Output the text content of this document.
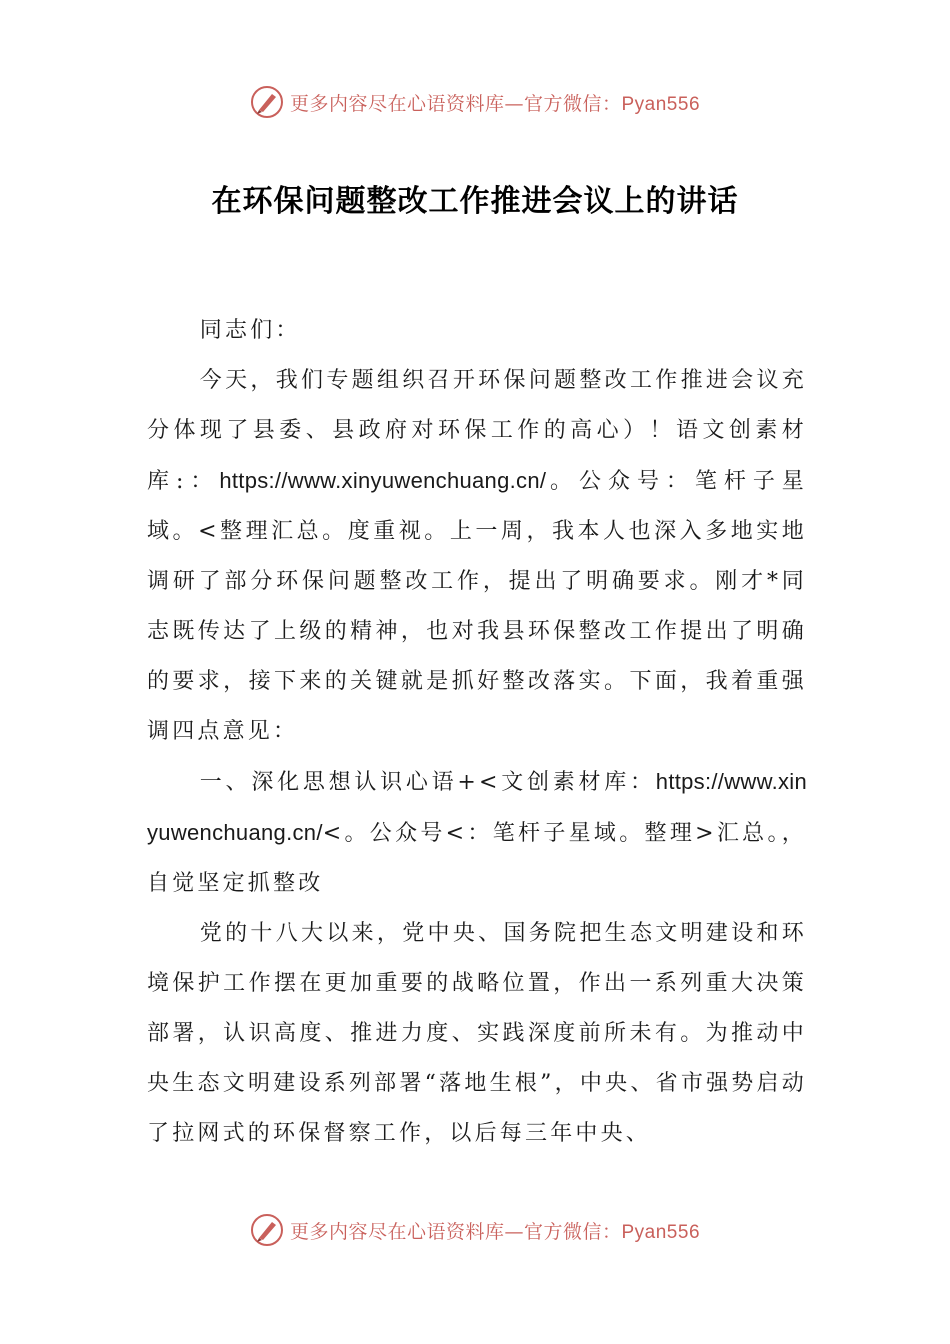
更多内容尽在心语资料库—官方微信：Pyan556
在环保问题整改工作推进会议上的讲话

同志们：

今天，我们专题组织召开环保问题整改工作推进会议充分体现了县委、县政府对环保工作的高心）！语文创素材库:：https://www.xinyuwenchuang.cn/。公众号：笔杆子星域。<整理汇总。度重视。上一周，我本人也深入多地实地调研了部分环保问题整改工作，提出了明确要求。刚才*同志既传达了上级的精神，也对我县环保整改工作提出了明确的要求，接下来的关键就是抓好整改落实。下面，我着重强调四点意见：

一、深化思想认识心语+<文创素材库：https://www.xinyuwenchuang.cn/<。公众号<：笔杆子星域。整理>汇总。，自觉坚定抓整改

党的十八大以来，党中央、国务院把生态文明建设和环境保护工作摆在更加重要的战略位置，作出一系列重大决策部署，认识高度、推进力度、实践深度前所未有。为推动中央生态文明建设系列部署“落地生根”，中央、省市强势启动了拉网式的环保督察工作，以后每三年中央、

更多内容尽在心语资料库—官方微信：Pyan556
